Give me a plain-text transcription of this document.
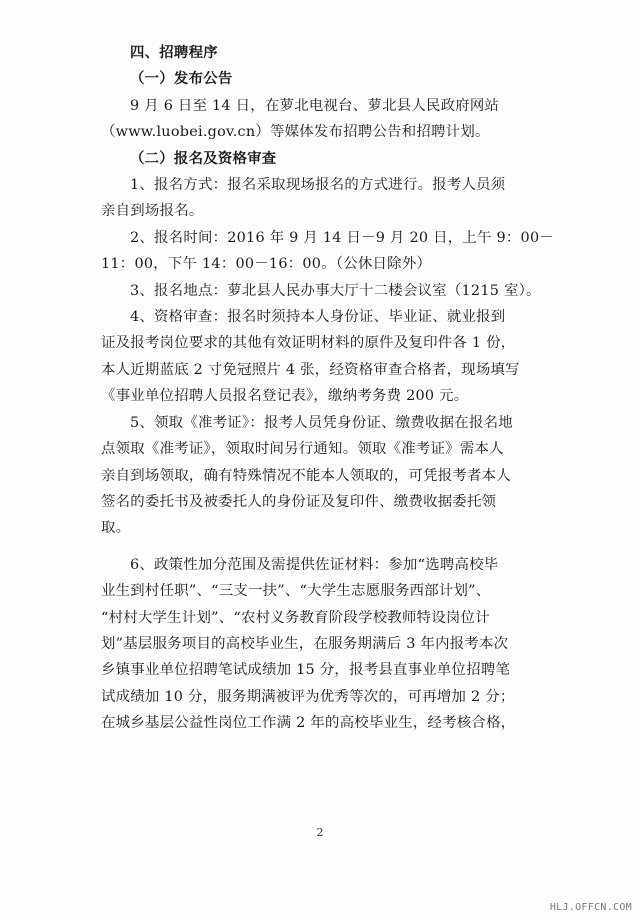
四、招聘程序

（一）发布公告

9 月 6 日至 14 日，在萝北电视台、萝北县人民政府网站
（www.luobei.gov.cn）等媒体发布招聘公告和招聘计划。

（二）报名及资格审查

1、报名方式：报名采取现场报名的方式进行。报考人员须
亲自到场报名。

2、报名时间：2016 年 9 月 14 日－9 月 20 日，上午 9：00－
11：00，下午 14：00－16：00。（公休日除外）

3、报名地点：萝北县人民办事大厅十二楼会议室（1215 室）。

4、资格审查：报名时须持本人身份证、毕业证、就业报到
证及报考岗位要求的其他有效证明材料的原件及复印件各 1 份，
本人近期蓝底 2 寸免冠照片 4 张，经资格审查合格者，现场填写
《事业单位招聘人员报名登记表》，缴纳考务费 200 元。

5、领取《准考证》：报考人员凭身份证、缴费收据在报名地
点领取《准考证》，领取时间另行通知。领取《准考证》需本人
亲自到场领取，确有特殊情况不能本人领取的，可凭报考者本人
签名的委托书及被委托人的身份证及复印件、缴费收据委托领
取。

6、政策性加分范围及需提供佐证材料：参加“选聘高校毕
业生到村任职”、“三支一扶”、“大学生志愿服务西部计划”、
“村村大学生计划”、“农村义务教育阶段学校教师特设岗位计
划”基层服务项目的高校毕业生，在服务期满后 3 年内报考本次
乡镇事业单位招聘笔试成绩加 15 分，报考县直事业单位招聘笔
试成绩加 10 分，服务期满被评为优秀等次的，可再增加 2 分；
在城乡基层公益性岗位工作满 2 年的高校毕业生，经考核合格，

2
HLJ.OFFCN.COM
